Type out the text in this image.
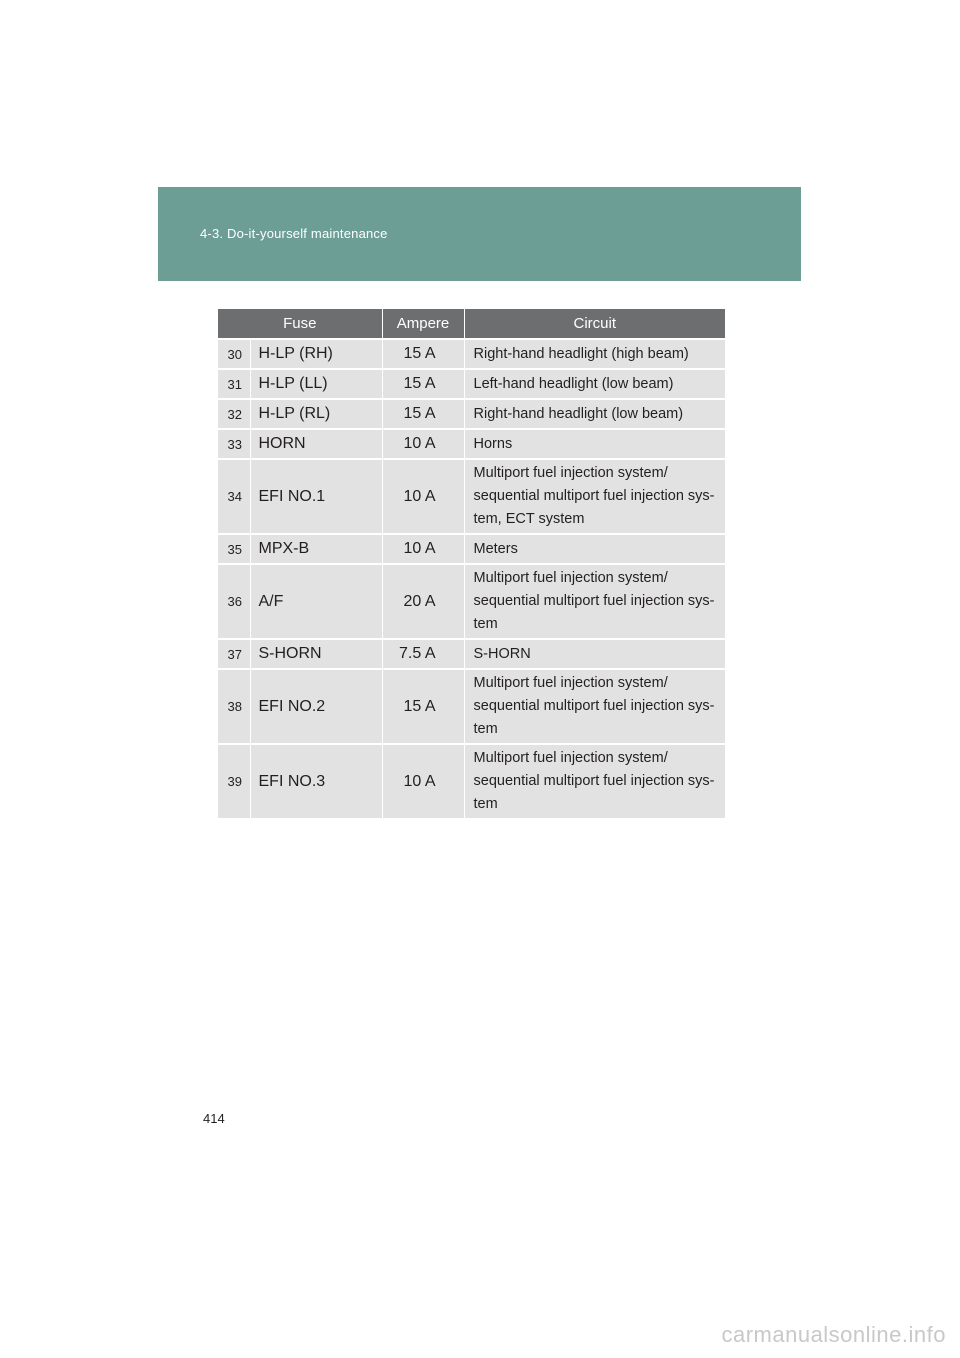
4-3. Do-it-yourself maintenance
Fuse		Ampere	Circuit
30	H-LP (RH)	15 A	Right-hand headlight (high beam)
31	H-LP (LL)	15 A	Left-hand headlight (low beam)
32	H-LP (RL)	15 A	Right-hand headlight (low beam)
33	HORN	10 A	Horns
34	EFI NO.1	10 A	Multiport fuel injection system/ sequential multiport fuel injection sys- tem, ECT system
35	MPX-B	10 A	Meters
36	A/F	20 A	Multiport fuel injection system/ sequential multiport fuel injection sys- tem
37	S-HORN	7.5 A	S-HORN
38	EFI NO.2	15 A	Multiport fuel injection system/ sequential multiport fuel injection sys- tem
39	EFI NO.3	10 A	Multiport fuel injection system/ sequential multiport fuel injection sys- tem
414
carmanualsonline.info
